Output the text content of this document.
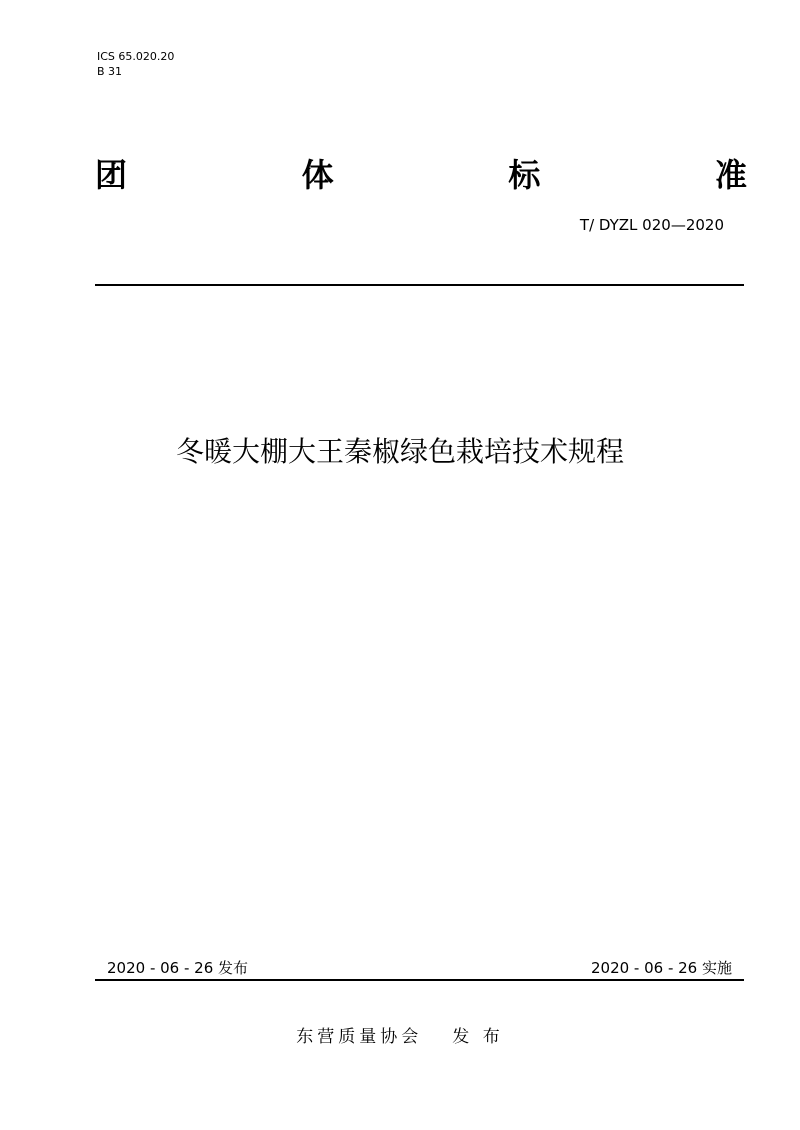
ICS 65.020.20
B 31
团	体	标	准
T/ DYZL 020—2020
冬暖大棚大王秦椒绿色栽培技术规程
2020 - 06 - 26 发布	2020 - 06 - 26 实施
东营质量协会 发 布
